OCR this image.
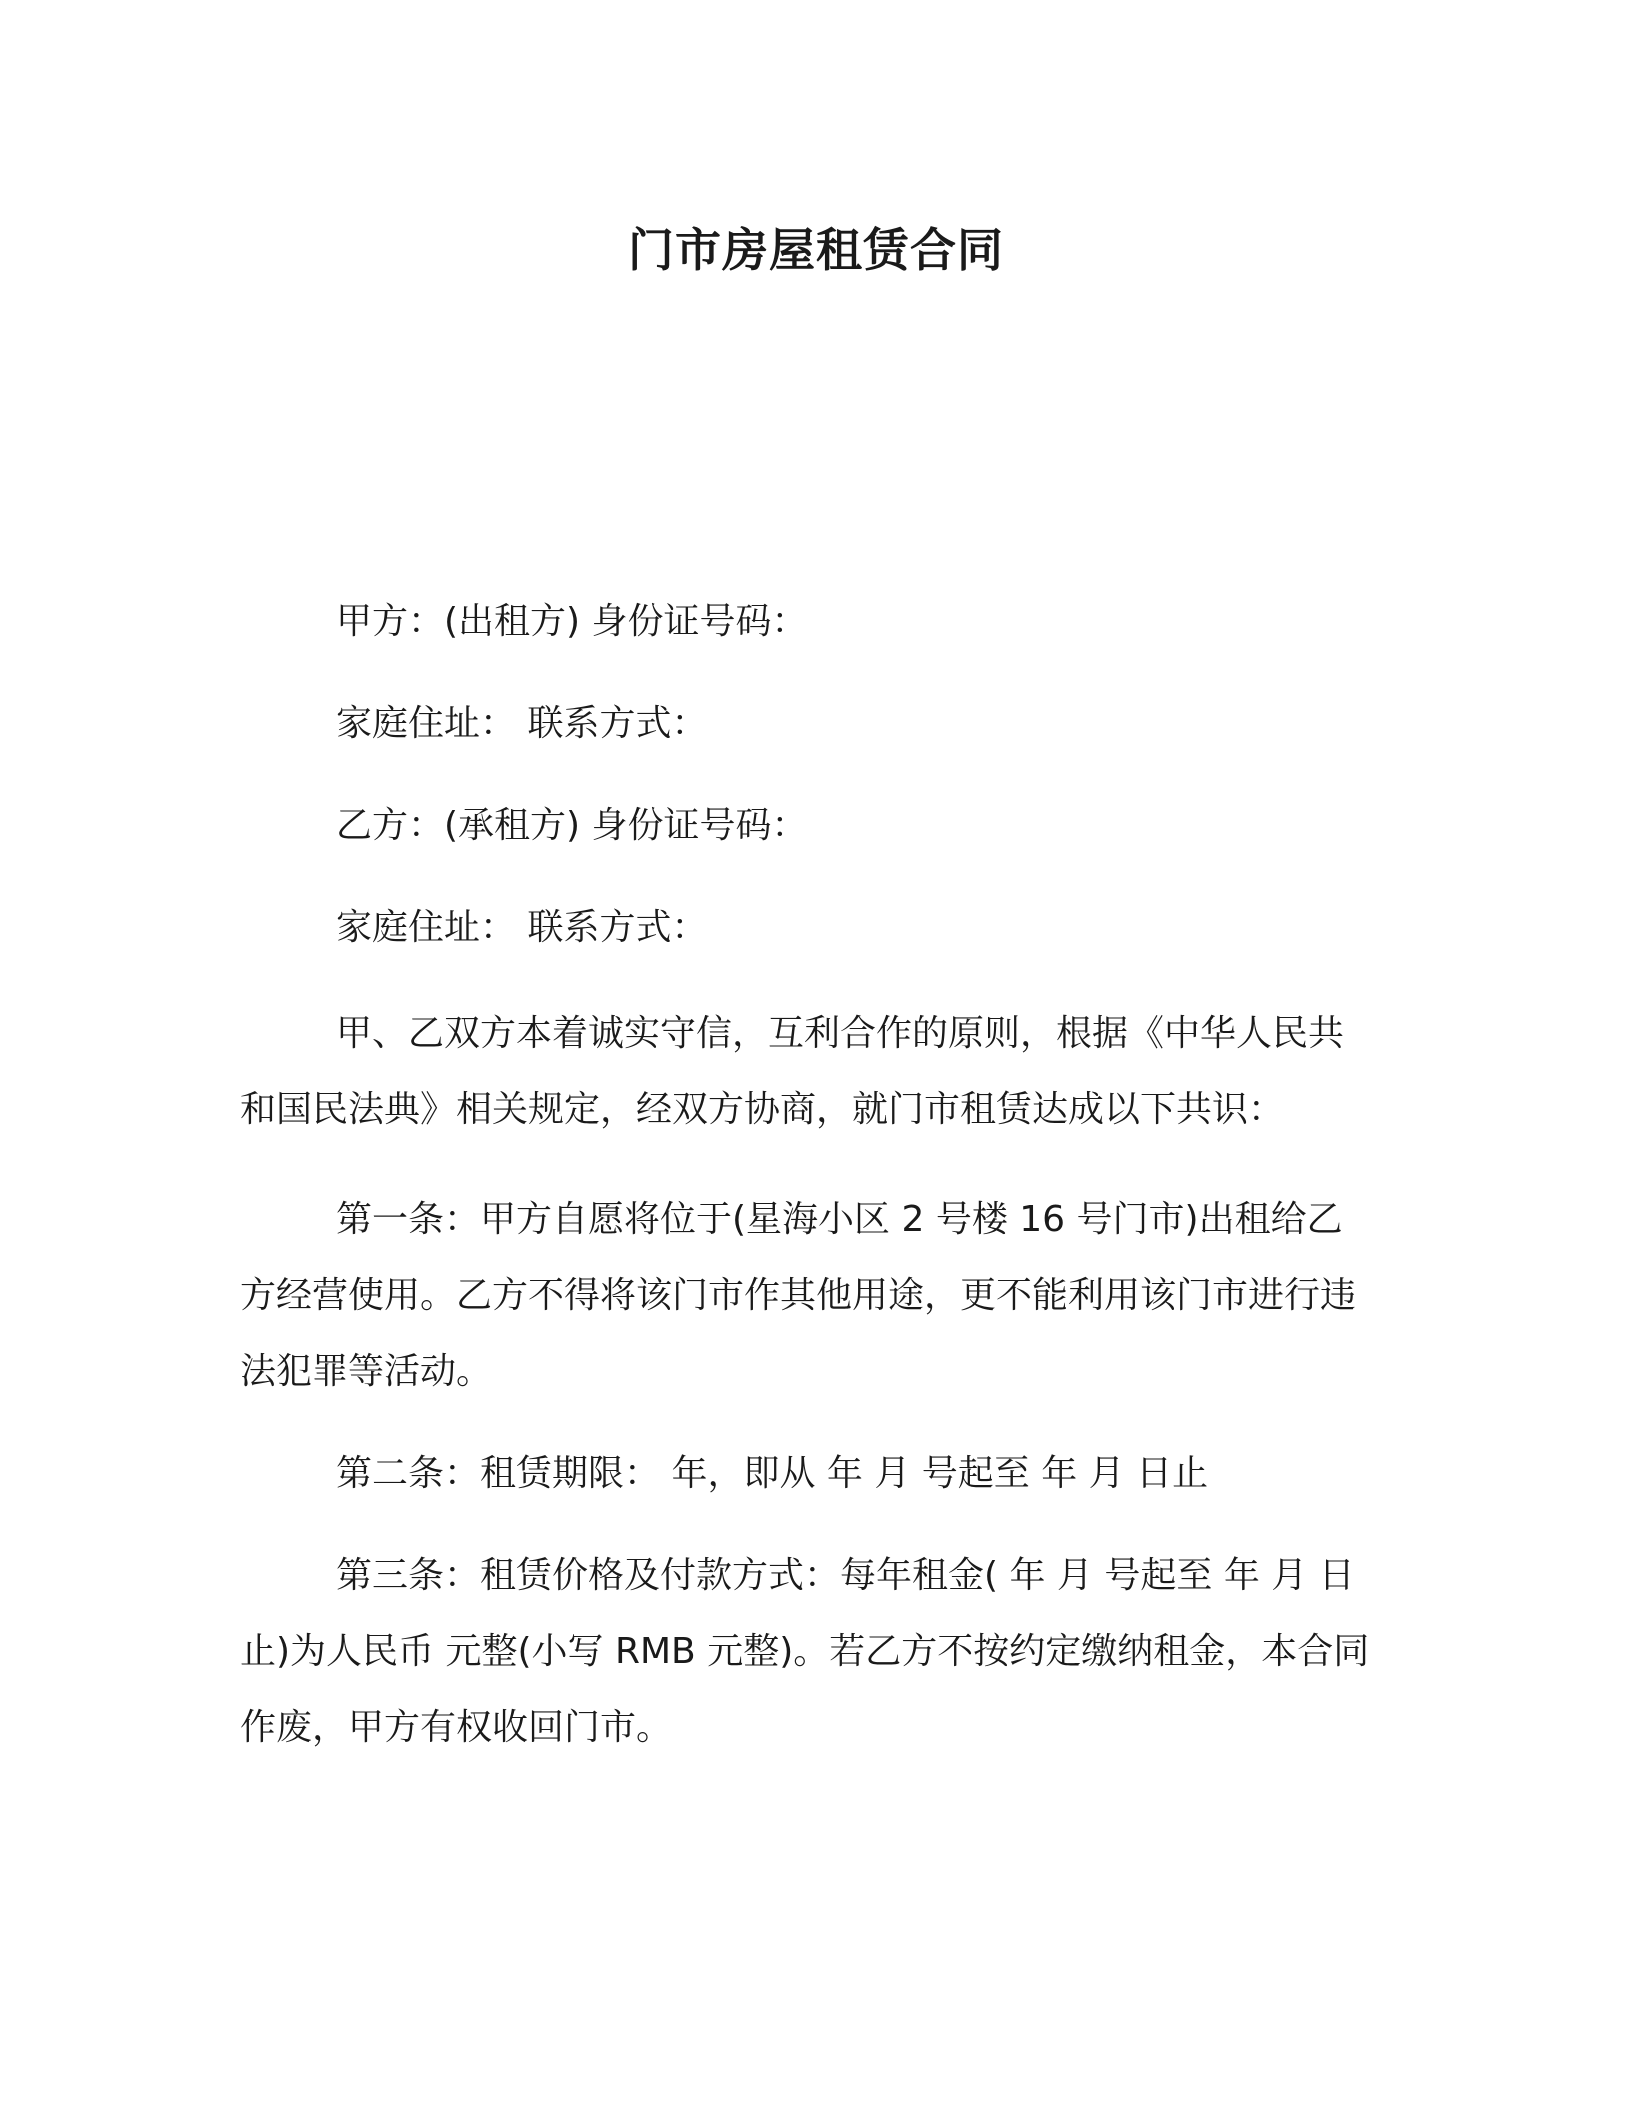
门市房屋租赁合同

甲方：(出租方) 身份证号码：

家庭住址： 联系方式：

乙方：(承租方) 身份证号码：

家庭住址： 联系方式：

甲、乙双方本着诚实守信，互利合作的原则，根据《中华人民共和国民法典》相关规定，经双方协商，就门市租赁达成以下共识：

第一条：甲方自愿将位于(星海小区 2 号楼 16 号门市)出租给乙方经营使用。乙方不得将该门市作其他用途，更不能利用该门市进行违法犯罪等活动。

第二条：租赁期限： 年，即从 年 月 号起至 年 月 日止

第三条：租赁价格及付款方式：每年租金( 年 月 号起至 年 月 日止)为人民币 元整(小写 RMB 元整)。若乙方不按约定缴纳租金，本合同作废，甲方有权收回门市。
